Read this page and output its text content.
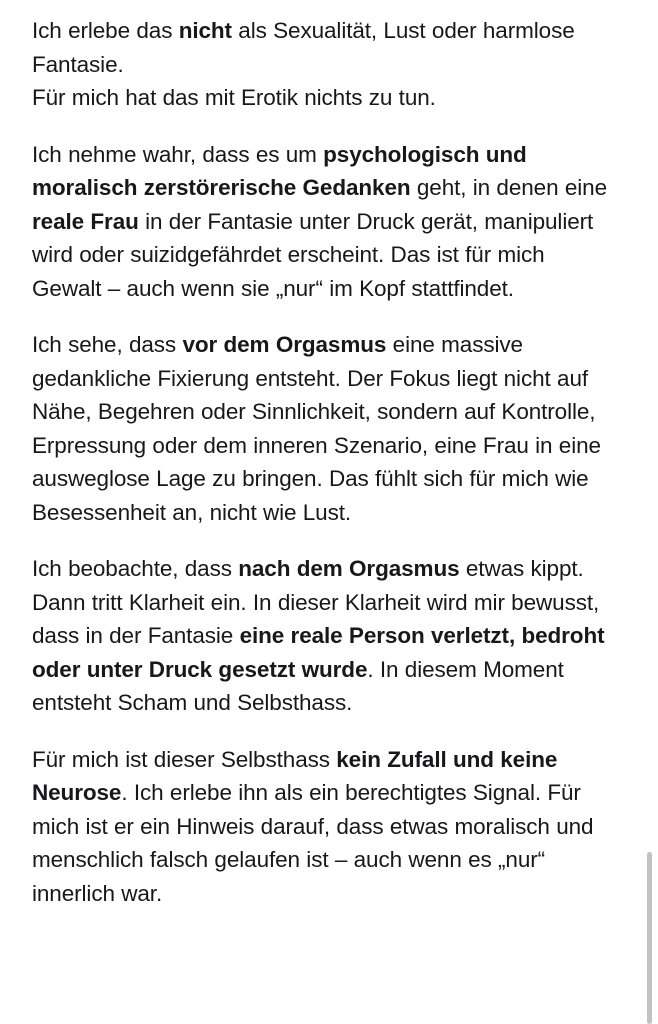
Ich erlebe das nicht als Sexualität, Lust oder harmlose Fantasie.
Für mich hat das mit Erotik nichts zu tun.

Ich nehme wahr, dass es um psychologisch und moralisch zerstörerische Gedanken geht, in denen eine reale Frau in der Fantasie unter Druck gerät, manipuliert wird oder suizidgefährdet erscheint. Das ist für mich Gewalt – auch wenn sie „nur“ im Kopf stattfindet.

Ich sehe, dass vor dem Orgasmus eine massive gedankliche Fixierung entsteht. Der Fokus liegt nicht auf Nähe, Begehren oder Sinnlichkeit, sondern auf Kontrolle, Erpressung oder dem inneren Szenario, eine Frau in eine ausweglose Lage zu bringen. Das fühlt sich für mich wie Besessenheit an, nicht wie Lust.

Ich beobachte, dass nach dem Orgasmus etwas kippt. Dann tritt Klarheit ein. In dieser Klarheit wird mir bewusst, dass in der Fantasie eine reale Person verletzt, bedroht oder unter Druck gesetzt wurde. In diesem Moment entsteht Scham und Selbsthass.

Für mich ist dieser Selbsthass kein Zufall und keine Neurose. Ich erlebe ihn als ein berechtigtes Signal. Für mich ist er ein Hinweis darauf, dass etwas moralisch und menschlich falsch gelaufen ist – auch wenn es „nur“ innerlich war.
